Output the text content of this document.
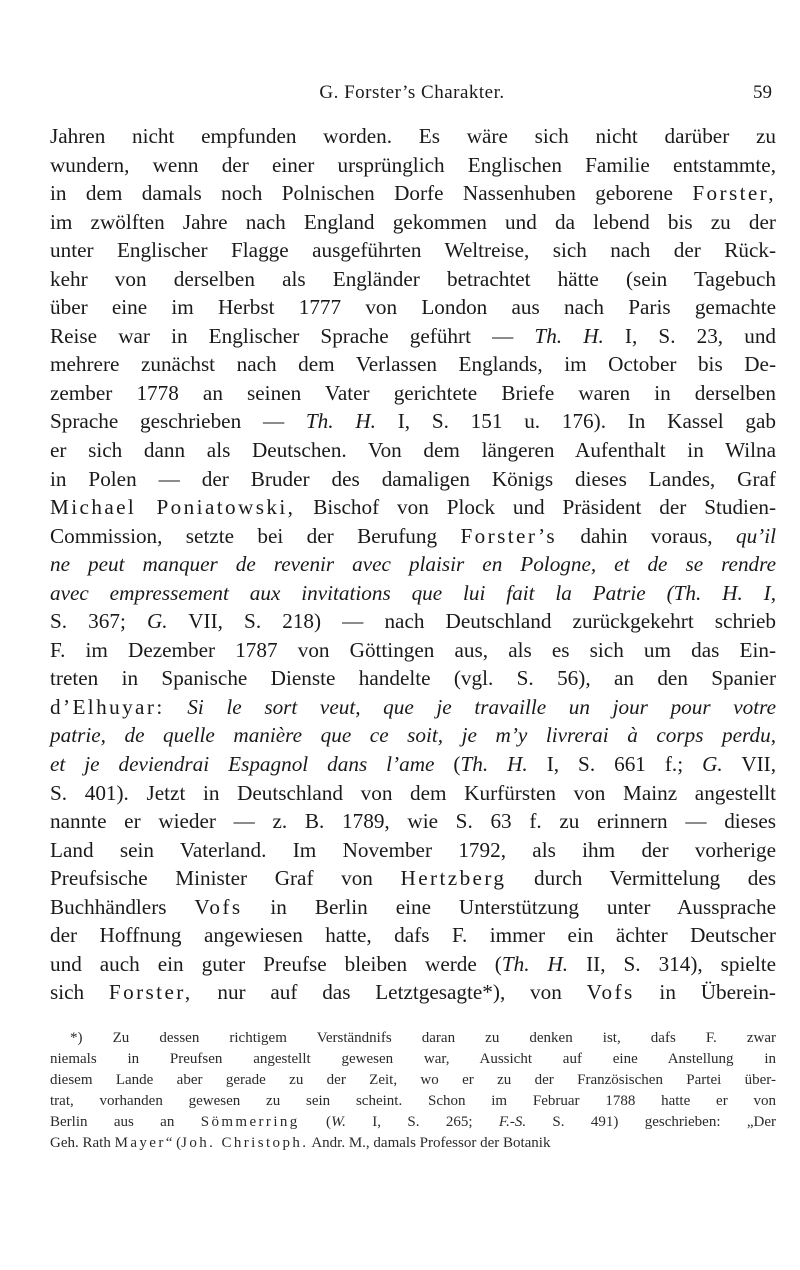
G. Forster’s Charakter.	59
Jahren nicht empfunden worden. Es wäre sich nicht darüber zu
wundern, wenn der einer ursprünglich Englischen Familie entstammte,
in dem damals noch Polnischen Dorfe Nassenhuben geborene Forster,
im zwölften Jahre nach England gekommen und da lebend bis zu der
unter Englischer Flagge ausgeführten Weltreise, sich nach der Rück-
kehr von derselben als Engländer betrachtet hätte (sein Tagebuch
über eine im Herbst 1777 von London aus nach Paris gemachte
Reise war in Englischer Sprache geführt — Th. H. I, S. 23, und
mehrere zunächst nach dem Verlassen Englands, im October bis De-
zember 1778 an seinen Vater gerichtete Briefe waren in derselben
Sprache geschrieben — Th. H. I, S. 151 u. 176). In Kassel gab
er sich dann als Deutschen. Von dem längeren Aufenthalt in Wilna
in Polen — der Bruder des damaligen Königs dieses Landes, Graf
Michael Poniatowski, Bischof von Plock und Präsident der Studien-
Commission, setzte bei der Berufung Forster’s dahin voraus, qu’il
ne peut manquer de revenir avec plaisir en Pologne, et de se rendre
avec empressement aux invitations que lui fait la Patrie (Th. H. I,
S. 367; G. VII, S. 218) — nach Deutschland zurückgekehrt schrieb
F. im Dezember 1787 von Göttingen aus, als es sich um das Ein-
treten in Spanische Dienste handelte (vgl. S. 56), an den Spanier
d’Elhuyar: Si le sort veut, que je travaille un jour pour votre
patrie, de quelle manière que ce soit, je m’y livrerai à corps perdu,
et je deviendrai Espagnol dans l’ame (Th. H. I, S. 661 f.; G. VII,
S. 401). Jetzt in Deutschland von dem Kurfürsten von Mainz angestellt
nannte er wieder — z. B. 1789, wie S. 63 f. zu erinnern — dieses
Land sein Vaterland. Im November 1792, als ihm der vorherige
Preufsische Minister Graf von Hertzberg durch Vermittelung des
Buchhändlers Vofs in Berlin eine Unterstützung unter Aussprache
der Hoffnung angewiesen hatte, dafs F. immer ein ächter Deutscher
und auch ein guter Preufse bleiben werde (Th. H. II, S. 314), spielte
sich Forster, nur auf das Letztgesagte*), von Vofs in Überein-
*) Zu dessen richtigem Verständnifs daran zu denken ist, dafs F. zwar
niemals in Preufsen angestellt gewesen war, Aussicht auf eine Anstellung in
diesem Lande aber gerade zu der Zeit, wo er zu der Französischen Partei über-
trat, vorhanden gewesen zu sein scheint. Schon im Februar 1788 hatte er von
Berlin aus an Sömmerring (W. I, S. 265; F.-S. S. 491) geschrieben: „Der
Geh. Rath Mayer“ (Joh. Christoph. Andr. M., damals Professor der Botanik
